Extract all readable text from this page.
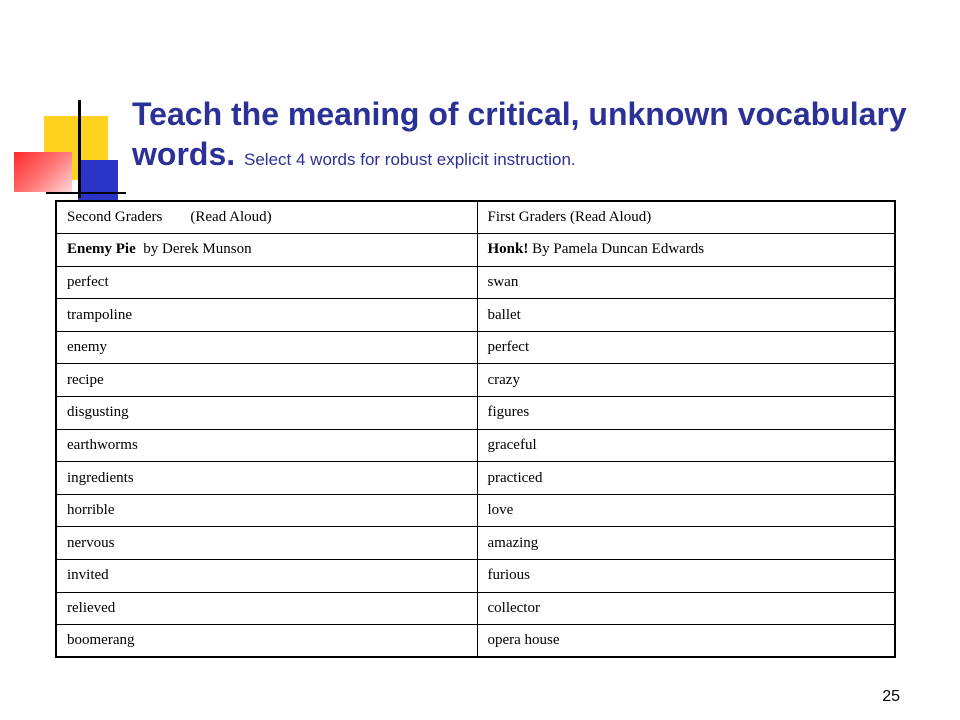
Teach the meaning of critical, unknown vocabulary words. Select 4 words for robust explicit instruction.
Second Graders (Read Aloud)	First Graders (Read Aloud)
Enemy Pie by Derek Munson	Honk! By Pamela Duncan Edwards
perfect	swan
trampoline	ballet
enemy	perfect
recipe	crazy
disgusting	figures
earthworms	graceful
ingredients	practiced
horrible	love
nervous	amazing
invited	furious
relieved	collector
boomerang	opera house
25
